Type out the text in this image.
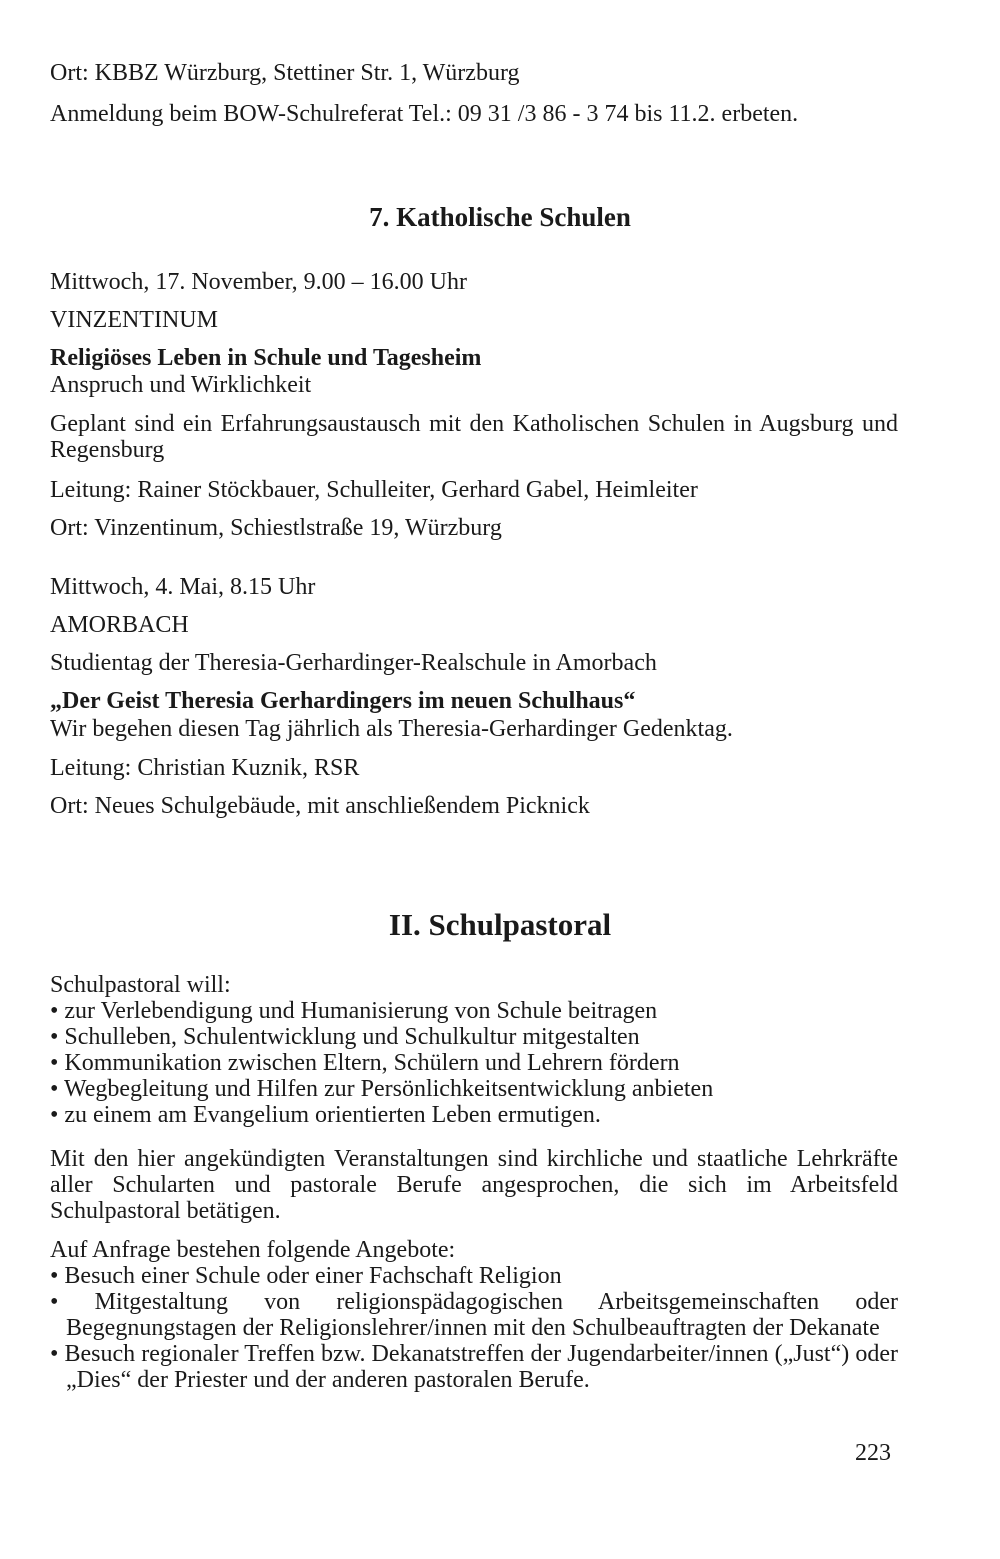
Ort: KBBZ Würzburg, Stettiner Str. 1, Würzburg
Anmeldung beim BOW-Schulreferat Tel.: 09 31 /3 86 - 3 74 bis 11.2. erbeten.
7. Katholische Schulen
Mittwoch, 17. November, 9.00 – 16.00 Uhr
VINZENTINUM
Religiöses Leben in Schule und Tagesheim
Anspruch und Wirklichkeit
Geplant sind ein Erfahrungsaustausch mit den Katholischen Schulen in Augsburg und Regensburg
Leitung: Rainer Stöckbauer, Schulleiter, Gerhard Gabel, Heimleiter
Ort: Vinzentinum, Schiestlstraße 19, Würzburg
Mittwoch, 4. Mai, 8.15 Uhr
AMORBACH
Studientag der Theresia-Gerhardinger-Realschule in Amorbach
„Der Geist Theresia Gerhardingers im neuen Schulhaus“
Wir begehen diesen Tag jährlich als Theresia-Gerhardinger Gedenktag.
Leitung: Christian Kuznik, RSR
Ort: Neues Schulgebäude, mit anschließendem Picknick
II. Schulpastoral
Schulpastoral will:
• zur Verlebendigung und Humanisierung von Schule beitragen
• Schulleben, Schulentwicklung und Schulkultur mitgestalten
• Kommunikation zwischen Eltern, Schülern und Lehrern fördern
• Wegbegleitung und Hilfen zur Persönlichkeitsentwicklung anbieten
• zu einem am Evangelium orientierten Leben ermutigen.
Mit den hier angekündigten Veranstaltungen sind kirchliche und staatliche Lehrkräfte aller Schularten und pastorale Berufe angesprochen, die sich im Arbeitsfeld Schulpastoral betätigen.
Auf Anfrage bestehen folgende Angebote:
• Besuch einer Schule oder einer Fachschaft Religion
• Mitgestaltung von religionspädagogischen Arbeitsgemeinschaften oder Begegnungstagen der Religionslehrer/innen mit den Schulbeauftragten der Dekanate
• Besuch regionaler Treffen bzw. Dekanatstreffen der Jugendarbeiter/innen („Just“) oder „Dies“ der Priester und der anderen pastoralen Berufe.
223
